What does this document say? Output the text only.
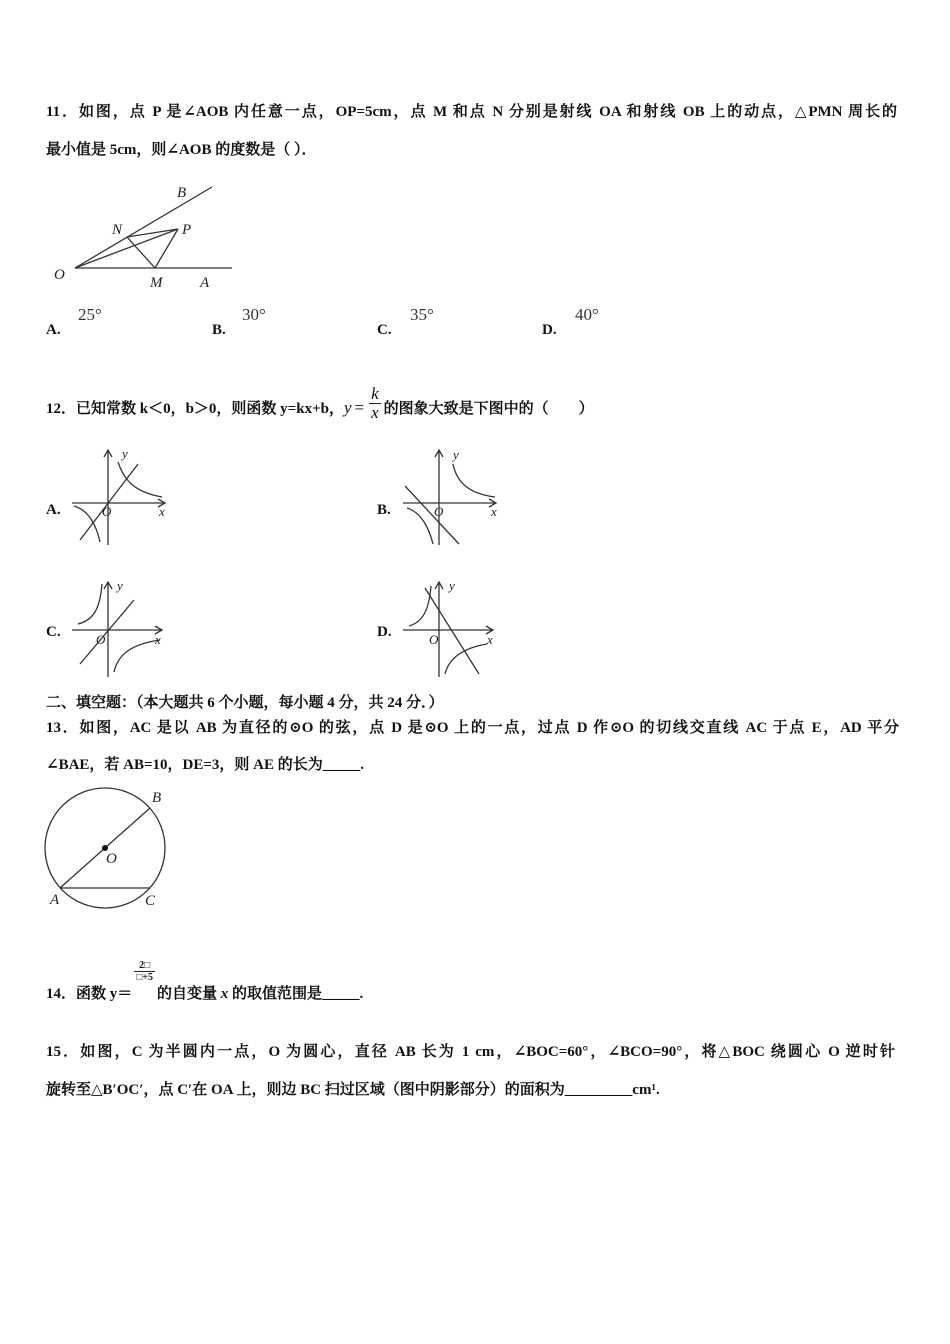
11．如图，点 P 是∠AOB 内任意一点，OP=5cm，点 M 和点 N 分别是射线 OA 和射线 OB 上的动点，△PMN 周长的
最小值是 5cm，则∠AOB 的度数是（ ）．
B
N	P
O	M	A
A.
25°
B.
30°
C.
35°
D.
40°
12．已知常数 k＜0，b＞0，则函数 y=kx+b，$y = \frac{k}{x}$ 的图象大致是下图中的（　　）
A.
y
O	x	B.
y
O	x
C.
y
O	x	D.
y
O	x
二、填空题：（本大题共 6 个小题，每小题 4 分，共 24 分．）
13．如图，AC 是以 AB 为直径的⊙O 的弦，点 D 是⊙O 上的一点，过点 D 作⊙O 的切线交直线 AC 于点 E，AD 平分
∠BAE，若 AB=10，DE=3，则 AE 的长为_____.
B
O
A	C
14．函数 y＝
$\frac{2□}{□+5}$
的自变量 x 的取值范围是_____.
15．如图，C 为半圆内一点，O 为圆心，直径 AB 长为 1 cm，∠BOC=60°，∠BCO=90°，将△BOC 绕圆心 O 逆时针
旋转至△B′OC′，点 C′在 OA 上，则边 BC 扫过区域（图中阴影部分）的面积为_________cm¹.
